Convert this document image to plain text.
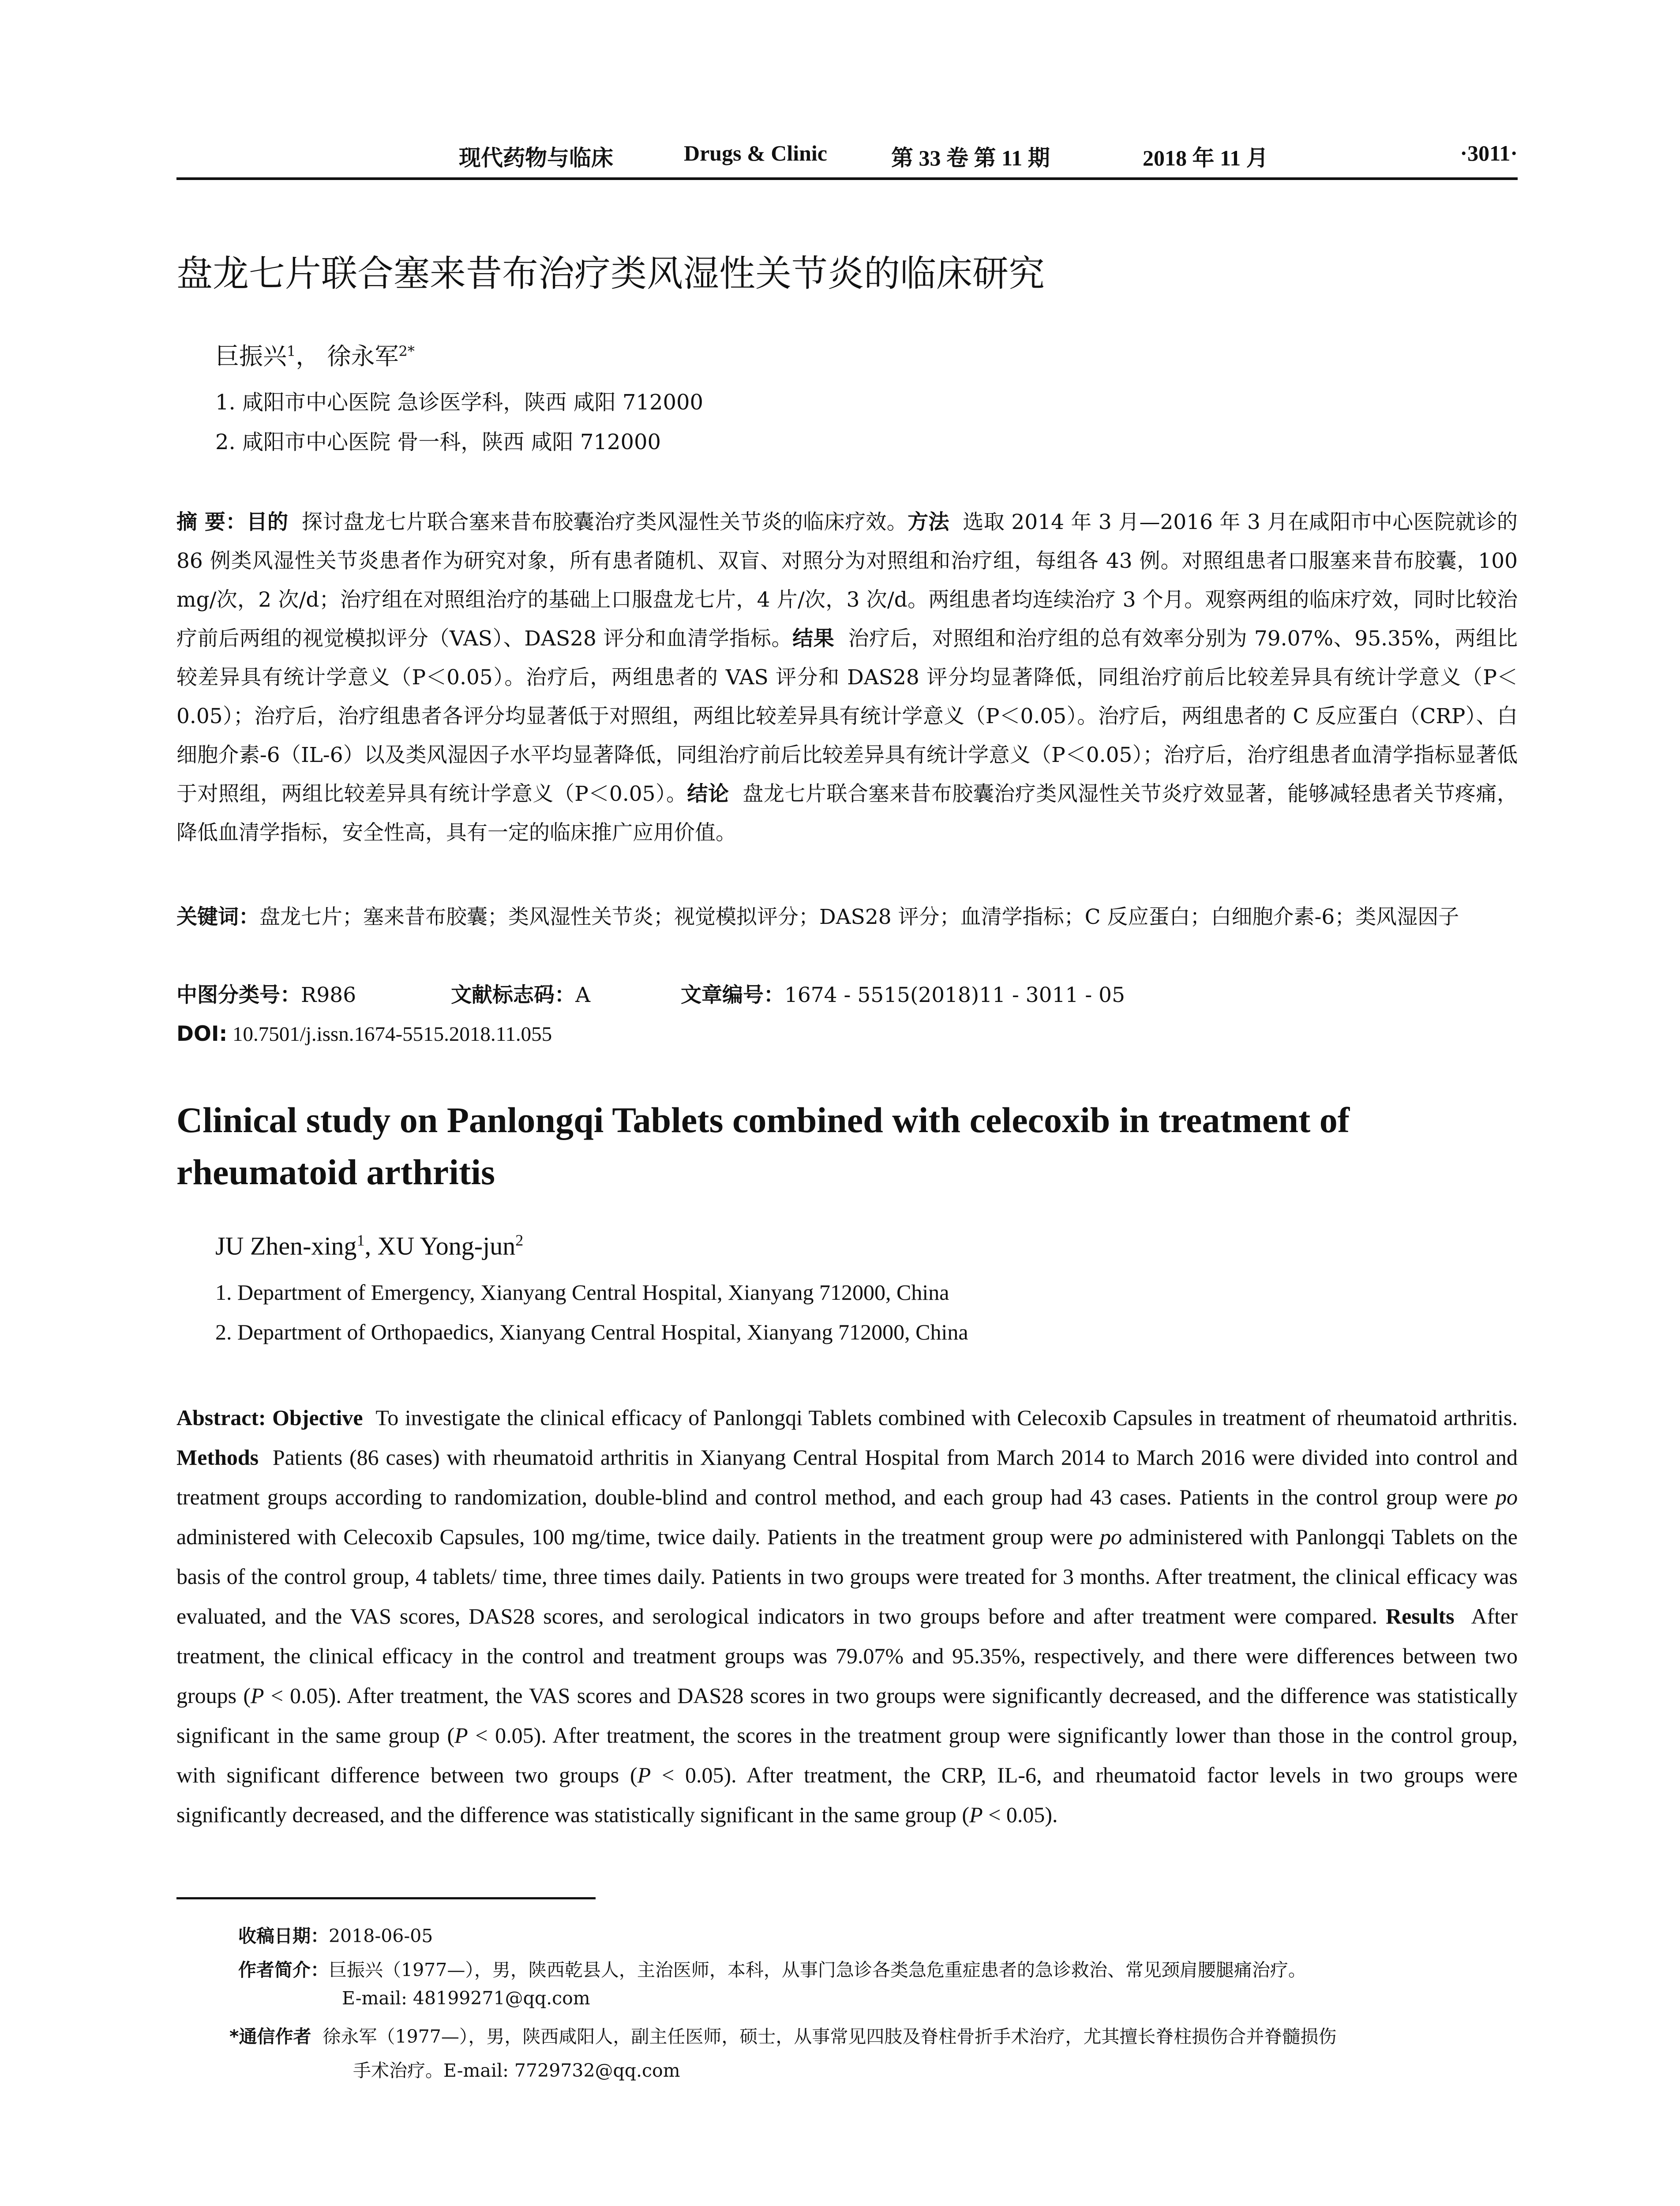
现代药物与临床	Drugs & Clinic	第 33 卷 第 11 期	2018 年 11 月	·3011·
盘龙七片联合塞来昔布治疗类风湿性关节炎的临床研究
巨振兴$^1$， 徐永军$^{2*}$
1. 咸阳市中心医院 急诊医学科，陕西 咸阳 712000
2. 咸阳市中心医院 骨一科，陕西 咸阳 712000
摘 要：目的 探讨盘龙七片联合塞来昔布胶囊治疗类风湿性关节炎的临床疗效。方法 选取 2014 年 3 月—2016 年 3 月在咸阳市中心医院就诊的 86 例类风湿性关节炎患者作为研究对象，所有患者随机、双盲、对照分为对照组和治疗组，每组各 43 例。对照组患者口服塞来昔布胶囊，100 mg/次，2 次/d；治疗组在对照组治疗的基础上口服盘龙七片，4 片/次，3 次/d。两组患者均连续治疗 3 个月。观察两组的临床疗效，同时比较治疗前后两组的视觉模拟评分（VAS）、DAS28 评分和血清学指标。结果 治疗后，对照组和治疗组的总有效率分别为 79.07%、95.35%，两组比较差异具有统计学意义（P＜0.05）。治疗后，两组患者的 VAS 评分和 DAS28 评分均显著降低，同组治疗前后比较差异具有统计学意义（P＜0.05）；治疗后，治疗组患者各评分均显著低于对照组，两组比较差异具有统计学意义（P＜0.05）。治疗后，两组患者的 C 反应蛋白（CRP）、白细胞介素-6（IL-6）以及类风湿因子水平均显著降低，同组治疗前后比较差异具有统计学意义（P＜0.05）；治疗后，治疗组患者血清学指标显著低于对照组，两组比较差异具有统计学意义（P＜0.05）。结论 盘龙七片联合塞来昔布胶囊治疗类风湿性关节炎疗效显著，能够减轻患者关节疼痛，降低血清学指标，安全性高，具有一定的临床推广应用价值。
关键词：盘龙七片；塞来昔布胶囊；类风湿性关节炎；视觉模拟评分；DAS28 评分；血清学指标；C 反应蛋白；白细胞介素-6；类风湿因子
中图分类号：R986	文献标志码：A	文章编号：1674 - 5515(2018)11 - 3011 - 05
DOI: 10.7501/j.issn.1674-5515.2018.11.055
Clinical study on Panlongqi Tablets combined with celecoxib in treatment of rheumatoid arthritis
JU Zhen-xing$^1$, XU Yong-jun$^2$
1. Department of Emergency, Xianyang Central Hospital, Xianyang 712000, China
2. Department of Orthopaedics, Xianyang Central Hospital, Xianyang 712000, China
Abstract: Objective To investigate the clinical efficacy of Panlongqi Tablets combined with Celecoxib Capsules in treatment of rheumatoid arthritis. Methods Patients (86 cases) with rheumatoid arthritis in Xianyang Central Hospital from March 2014 to March 2016 were divided into control and treatment groups according to randomization, double-blind and control method, and each group had 43 cases. Patients in the control group were po administered with Celecoxib Capsules, 100 mg/time, twice daily. Patients in the treatment group were po administered with Panlongqi Tablets on the basis of the control group, 4 tablets/ time, three times daily. Patients in two groups were treated for 3 months. After treatment, the clinical efficacy was evaluated, and the VAS scores, DAS28 scores, and serological indicators in two groups before and after treatment were compared. Results After treatment, the clinical efficacy in the control and treatment groups was 79.07% and 95.35%, respectively, and there were differences between two groups (P < 0.05). After treatment, the VAS scores and DAS28 scores in two groups were significantly decreased, and the difference was statistically significant in the same group (P < 0.05). After treatment, the scores in the treatment group were significantly lower than those in the control group, with significant difference between two groups (P < 0.05). After treatment, the CRP, IL-6, and rheumatoid factor levels in two groups were significantly decreased, and the difference was statistically significant in the same group (P < 0.05).
收稿日期：2018-06-05
作者简介：巨振兴（1977—），男，陕西乾县人，主治医师，本科，从事门急诊各类急危重症患者的急诊救治、常见颈肩腰腿痛治疗。
E-mail: 48199271@qq.com
*通信作者 徐永军（1977—），男，陕西咸阳人，副主任医师，硕士，从事常见四肢及脊柱骨折手术治疗，尤其擅长脊柱损伤合并脊髓损伤
手术治疗。E-mail: 7729732@qq.com
